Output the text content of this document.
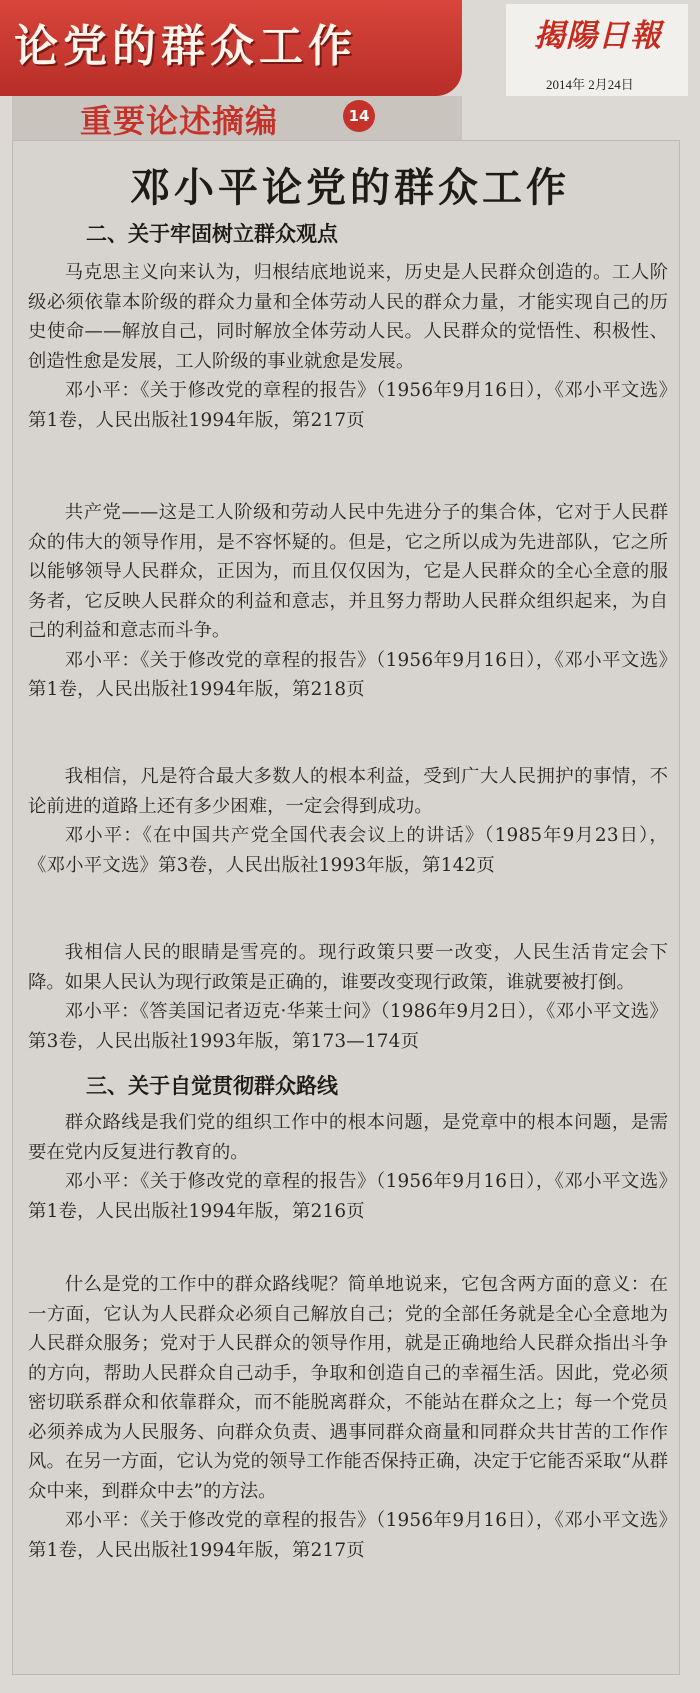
论党的群众工作
重要论述摘编	14
揭陽日報
2014年 2月24日
邓小平论党的群众工作
二、关于牢固树立群众观点

马克思主义向来认为，归根结底地说来，历史是人民群众创造的。工人阶级必须依靠本阶级的群众力量和全体劳动人民的群众力量，才能实现自己的历史使命——解放自己，同时解放全体劳动人民。人民群众的觉悟性、积极性、创造性愈是发展，工人阶级的事业就愈是发展。

邓小平：《关于修改党的章程的报告》（1956年9月16日），《邓小平文选》第1卷，人民出版社1994年版，第217页

共产党——这是工人阶级和劳动人民中先进分子的集合体，它对于人民群众的伟大的领导作用，是不容怀疑的。但是，它之所以成为先进部队，它之所以能够领导人民群众，正因为，而且仅仅因为，它是人民群众的全心全意的服务者，它反映人民群众的利益和意志，并且努力帮助人民群众组织起来，为自己的利益和意志而斗争。

邓小平：《关于修改党的章程的报告》（1956年9月16日），《邓小平文选》第1卷，人民出版社1994年版，第218页

我相信，凡是符合最大多数人的根本利益，受到广大人民拥护的事情，不论前进的道路上还有多少困难，一定会得到成功。

邓小平：《在中国共产党全国代表会议上的讲话》（1985年9月23日），《邓小平文选》第3卷，人民出版社1993年版，第142页

我相信人民的眼睛是雪亮的。现行政策只要一改变，人民生活肯定会下降。如果人民认为现行政策是正确的，谁要改变现行政策，谁就要被打倒。

邓小平：《答美国记者迈克·华莱士问》（1986年9月2日），《邓小平文选》第3卷，人民出版社1993年版，第173—174页

三、关于自觉贯彻群众路线

群众路线是我们党的组织工作中的根本问题，是党章中的根本问题，是需要在党内反复进行教育的。

邓小平：《关于修改党的章程的报告》（1956年9月16日），《邓小平文选》第1卷，人民出版社1994年版，第216页

什么是党的工作中的群众路线呢？简单地说来，它包含两方面的意义：在一方面，它认为人民群众必须自己解放自己；党的全部任务就是全心全意地为人民群众服务；党对于人民群众的领导作用，就是正确地给人民群众指出斗争的方向，帮助人民群众自己动手，争取和创造自己的幸福生活。因此，党必须密切联系群众和依靠群众，而不能脱离群众，不能站在群众之上；每一个党员必须养成为人民服务、向群众负责、遇事同群众商量和同群众共甘苦的工作作风。在另一方面，它认为党的领导工作能否保持正确，决定于它能否采取“从群众中来，到群众中去”的方法。

邓小平：《关于修改党的章程的报告》（1956年9月16日），《邓小平文选》第1卷，人民出版社1994年版，第217页
